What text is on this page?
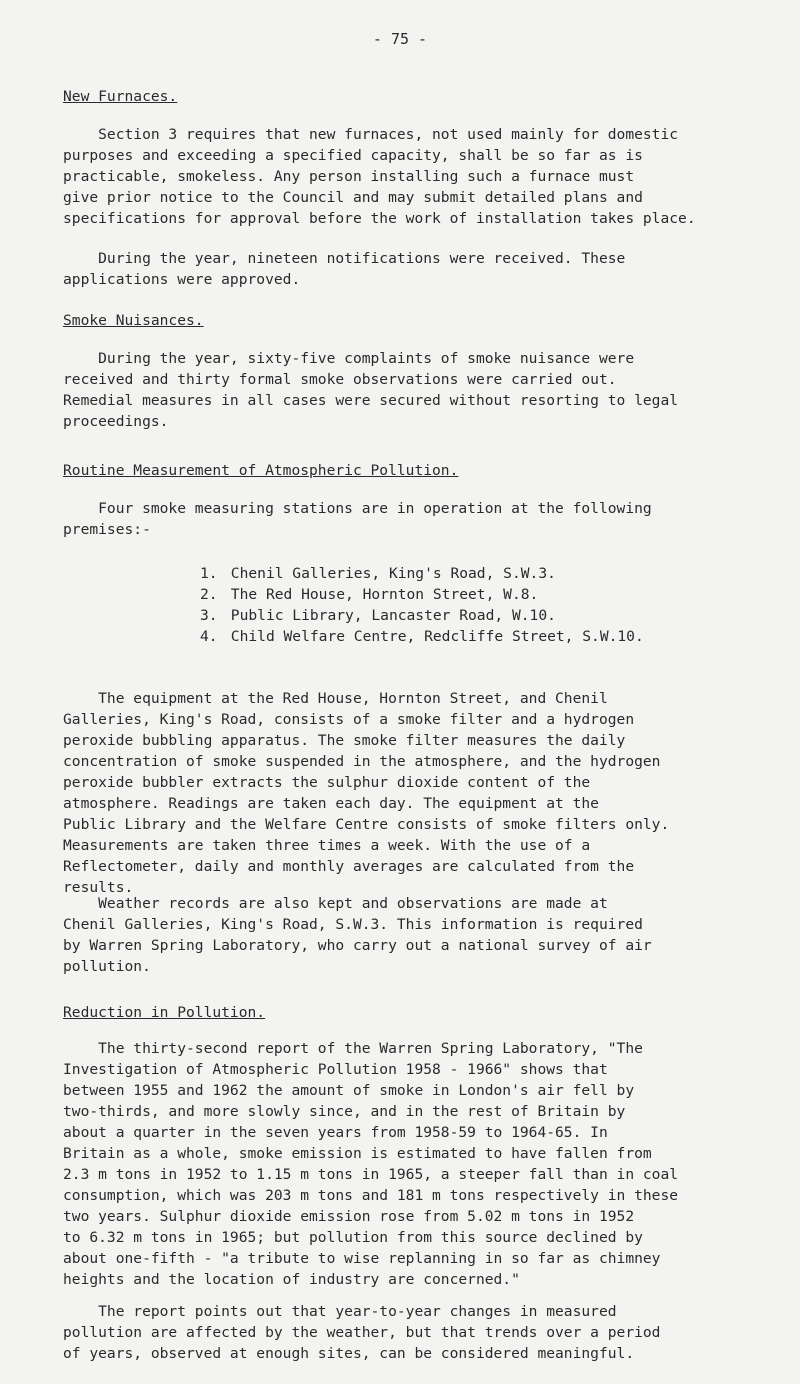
- 75 -
New Furnaces.

Section 3 requires that new furnaces, not used mainly for domestic
purposes and exceeding a specified capacity, shall be so far as is
practicable, smokeless. Any person installing such a furnace must
give prior notice to the Council and may submit detailed plans and
specifications for approval before the work of installation takes place.

During the year, nineteen notifications were received. These
applications were approved.

Smoke Nuisances.

During the year, sixty-five complaints of smoke nuisance were
received and thirty formal smoke observations were carried out.
Remedial measures in all cases were secured without resorting to legal
proceedings.

Routine Measurement of Atmospheric Pollution.

Four smoke measuring stations are in operation at the following
premises:-

1. Chenil Galleries, King's Road, S.W.3.
2. The Red House, Hornton Street, W.8.
3. Public Library, Lancaster Road, W.10.
4. Child Welfare Centre, Redcliffe Street, S.W.10.

The equipment at the Red House, Hornton Street, and Chenil
Galleries, King's Road, consists of a smoke filter and a hydrogen
peroxide bubbling apparatus. The smoke filter measures the daily
concentration of smoke suspended in the atmosphere, and the hydrogen
peroxide bubbler extracts the sulphur dioxide content of the
atmosphere. Readings are taken each day. The equipment at the
Public Library and the Welfare Centre consists of smoke filters only.
Measurements are taken three times a week. With the use of a
Reflectometer, daily and monthly averages are calculated from the
results.

Weather records are also kept and observations are made at
Chenil Galleries, King's Road, S.W.3. This information is required
by Warren Spring Laboratory, who carry out a national survey of air
pollution.

Reduction in Pollution.

The thirty-second report of the Warren Spring Laboratory, "The
Investigation of Atmospheric Pollution 1958 - 1966" shows that
between 1955 and 1962 the amount of smoke in London's air fell by
two-thirds, and more slowly since, and in the rest of Britain by
about a quarter in the seven years from 1958-59 to 1964-65. In
Britain as a whole, smoke emission is estimated to have fallen from
2.3 m tons in 1952 to 1.15 m tons in 1965, a steeper fall than in coal
consumption, which was 203 m tons and 181 m tons respectively in these
two years. Sulphur dioxide emission rose from 5.02 m tons in 1952
to 6.32 m tons in 1965; but pollution from this source declined by
about one-fifth - "a tribute to wise replanning in so far as chimney
heights and the location of industry are concerned."

The report points out that year-to-year changes in measured
pollution are affected by the weather, but that trends over a period
of years, observed at enough sites, can be considered meaningful.
